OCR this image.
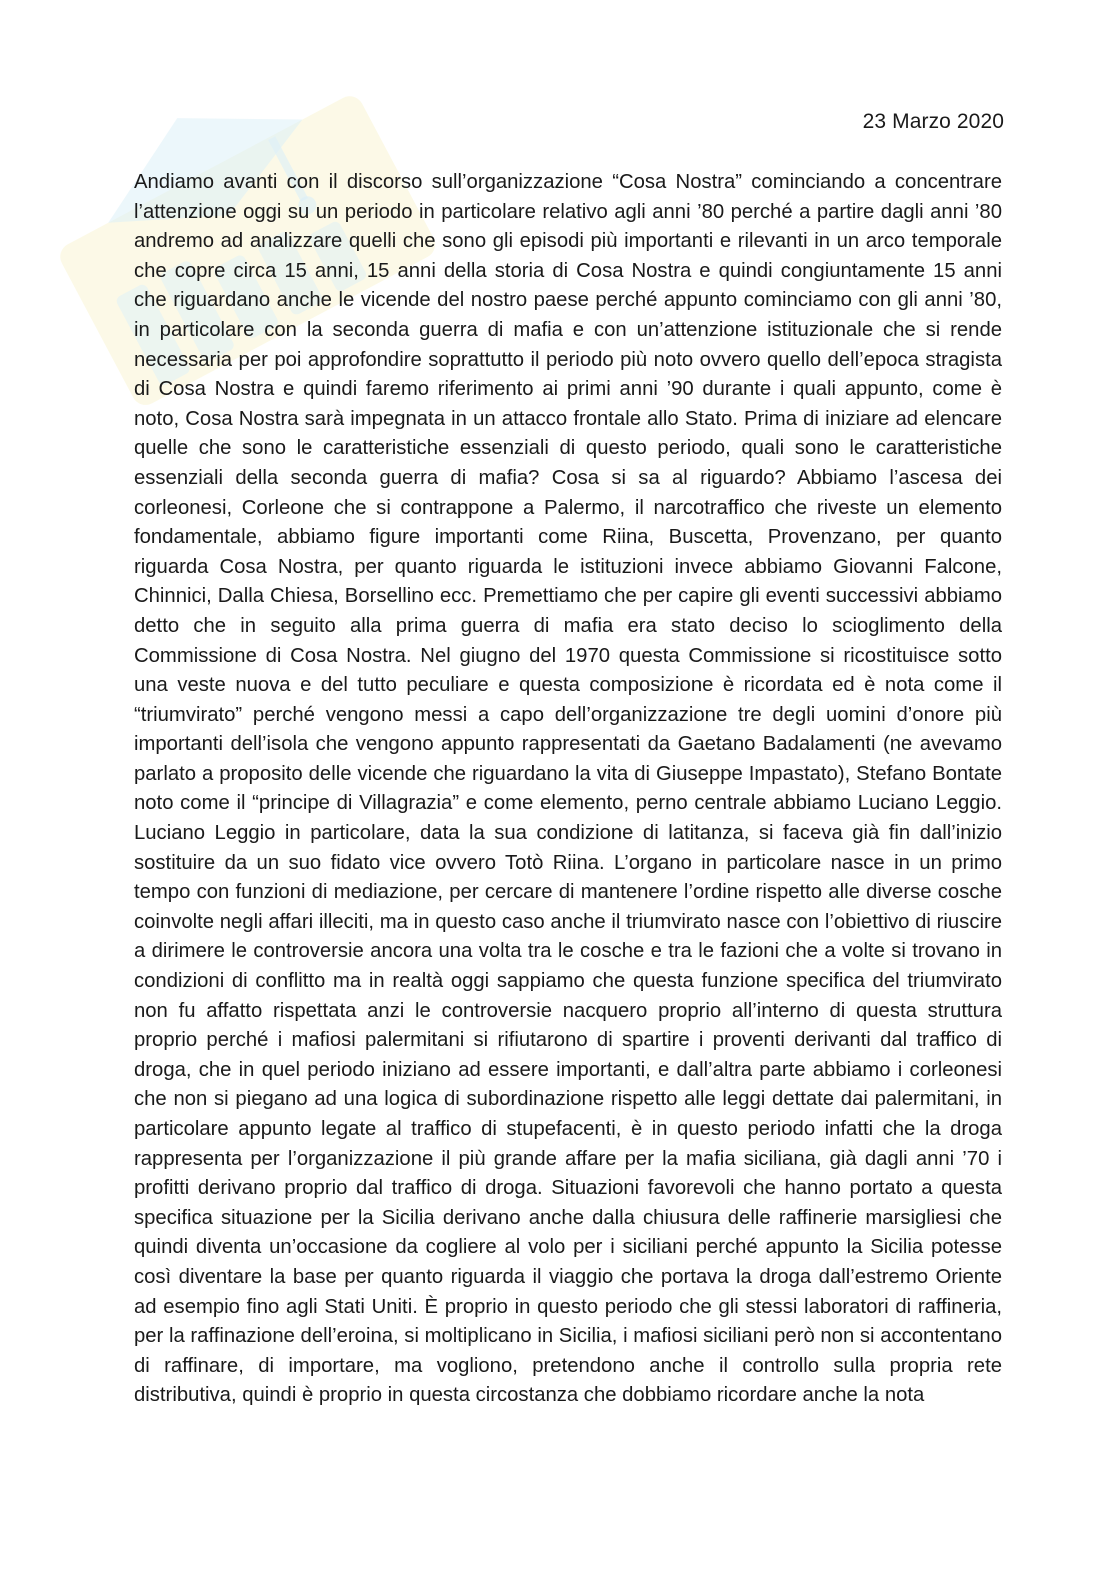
23 Marzo 2020

Andiamo avanti con il discorso sull’organizzazione “Cosa Nostra” cominciando a concentrare l’attenzione oggi su un periodo in particolare relativo agli anni ’80 perché a partire dagli anni ’80 andremo ad analizzare quelli che sono gli episodi più importanti e rilevanti in un arco temporale che copre circa 15 anni, 15 anni della storia di Cosa Nostra e quindi congiuntamente 15 anni che riguardano anche le vicende del nostro paese perché appunto cominciamo con gli anni ’80, in particolare con la seconda guerra di mafia e con un’attenzione istituzionale che si rende necessaria per poi approfondire soprattutto il periodo più noto ovvero quello dell’epoca stragista di Cosa Nostra e quindi faremo riferimento ai primi anni ’90 durante i quali appunto, come è noto, Cosa Nostra sarà impegnata in un attacco frontale allo Stato. Prima di iniziare ad elencare quelle che sono le caratteristiche essenziali di questo periodo, quali sono le caratteristiche essenziali della seconda guerra di mafia? Cosa si sa al riguardo? Abbiamo l’ascesa dei corleonesi, Corleone che si contrappone a Palermo, il narcotraffico che riveste un elemento fondamentale, abbiamo figure importanti come Riina, Buscetta, Provenzano, per quanto riguarda Cosa Nostra, per quanto riguarda le istituzioni invece abbiamo Giovanni Falcone, Chinnici, Dalla Chiesa, Borsellino ecc. Premettiamo che per capire gli eventi successivi abbiamo detto che in seguito alla prima guerra di mafia era stato deciso lo scioglimento della Commissione di Cosa Nostra. Nel giugno del 1970 questa Commissione si ricostituisce sotto una veste nuova e del tutto peculiare e questa composizione è ricordata ed è nota come il “triumvirato” perché vengono messi a capo dell’organizzazione tre degli uomini d’onore più importanti dell’isola che vengono appunto rappresentati da Gaetano Badalamenti (ne avevamo parlato a proposito delle vicende che riguardano la vita di Giuseppe Impastato), Stefano Bontate noto come il “principe di Villagrazia” e come elemento, perno centrale abbiamo Luciano Leggio. Luciano Leggio in particolare, data la sua condizione di latitanza, si faceva già fin dall’inizio sostituire da un suo fidato vice ovvero Totò Riina. L’organo in particolare nasce in un primo tempo con funzioni di mediazione, per cercare di mantenere l’ordine rispetto alle diverse cosche coinvolte negli affari illeciti, ma in questo caso anche il triumvirato nasce con l’obiettivo di riuscire a dirimere le controversie ancora una volta tra le cosche e tra le fazioni che a volte si trovano in condizioni di conflitto ma in realtà oggi sappiamo che questa funzione specifica del triumvirato non fu affatto rispettata anzi le controversie nacquero proprio all’interno di questa struttura proprio perché i mafiosi palermitani si rifiutarono di spartire i proventi derivanti dal traffico di droga, che in quel periodo iniziano ad essere importanti, e dall’altra parte abbiamo i corleonesi che non si piegano ad una logica di subordinazione rispetto alle leggi dettate dai palermitani, in particolare appunto legate al traffico di stupefacenti, è in questo periodo infatti che la droga rappresenta per l’organizzazione il più grande affare per la mafia siciliana, già dagli anni ’70 i profitti derivano proprio dal traffico di droga. Situazioni favorevoli che hanno portato a questa specifica situazione per la Sicilia derivano anche dalla chiusura delle raffinerie marsigliesi che quindi diventa un’occasione da cogliere al volo per i siciliani perché appunto la Sicilia potesse così diventare la base per quanto riguarda il viaggio che portava la droga dall’estremo Oriente ad esempio fino agli Stati Uniti. È proprio in questo periodo che gli stessi laboratori di raffineria, per la raffinazione dell’eroina, si moltiplicano in Sicilia, i mafiosi siciliani però non si accontentano di raffinare, di importare, ma vogliono, pretendono anche il controllo sulla propria rete distributiva, quindi è proprio in questa circostanza che dobbiamo ricordare anche la nota
